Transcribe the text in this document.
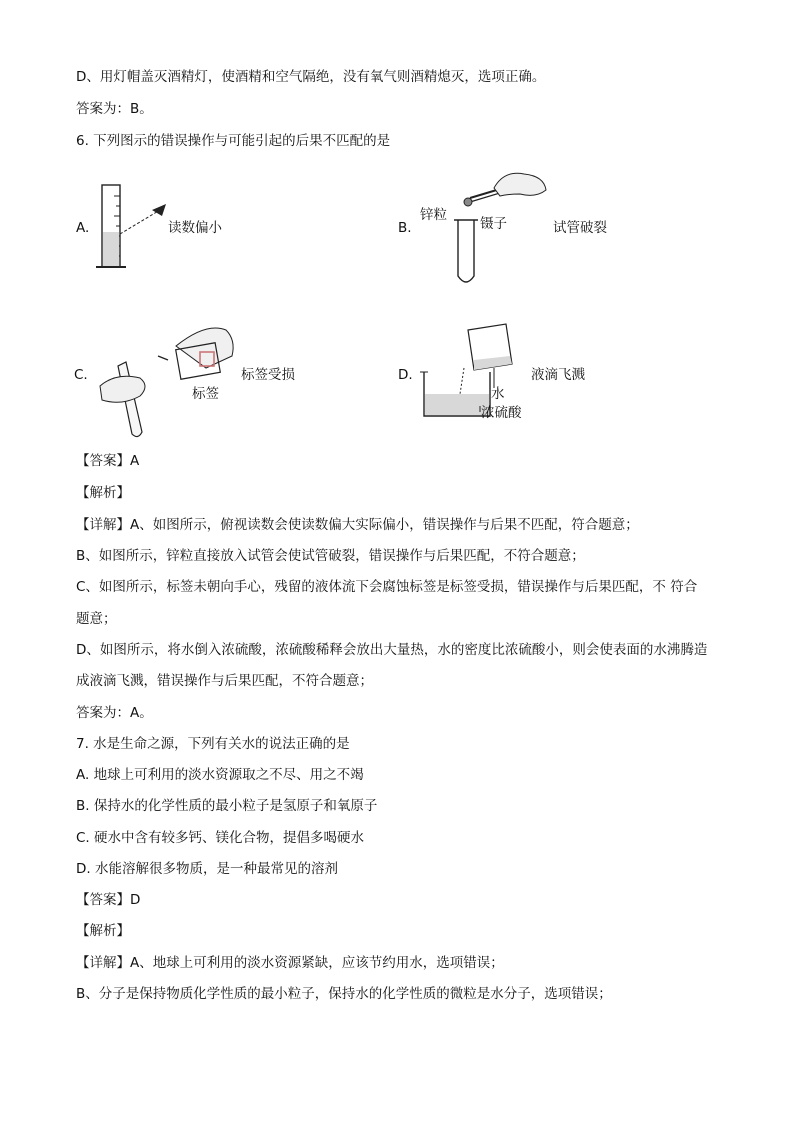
D、用灯帽盖灭酒精灯，使酒精和空气隔绝，没有氧气则酒精熄灭，选项正确。
答案为：B。
6. 下列图示的错误操作与可能引起的后果不匹配的是
A.	读数偏小	B.
锌粒
镊子	试管破裂
C.	标签受损
标签
D.	液滴飞溅
水
浓硫酸
【答案】A
【解析】
【详解】A、如图所示，俯视读数会使读数偏大实际偏小，错误操作与后果不匹配，符合题意；
B、如图所示，锌粒直接放入试管会使试管破裂，错误操作与后果匹配，不符合题意；
C、如图所示，标签未朝向手心，残留的液体流下会腐蚀标签是标签受损，错误操作与后果匹配，不 符合
题意；
D、如图所示，将水倒入浓硫酸，浓硫酸稀释会放出大量热，水的密度比浓硫酸小，则会使表面的水沸腾造
成液滴飞溅，错误操作与后果匹配，不符合题意；
答案为：A。
7. 水是生命之源，下列有关水的说法正确的是
A. 地球上可利用的淡水资源取之不尽、用之不竭
B. 保持水的化学性质的最小粒子是氢原子和氧原子
C. 硬水中含有较多钙、镁化合物，提倡多喝硬水
D. 水能溶解很多物质，是一种最常见的溶剂
【答案】D
【解析】
【详解】A、地球上可利用的淡水资源紧缺，应该节约用水，选项错误；
B、分子是保持物质化学性质的最小粒子，保持水的化学性质的微粒是水分子，选项错误；
